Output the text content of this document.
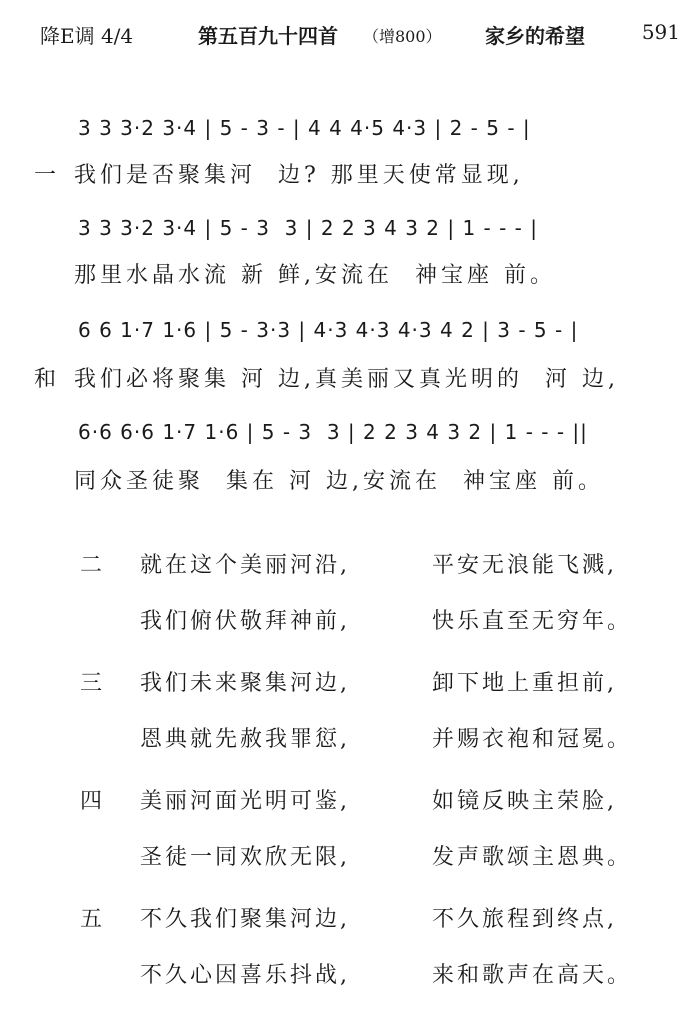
降E调 4/4	第五百九十四首 （增800） 家乡的希望	591
3 3 3·2 3·4 | 5 - 3 - | 4 4 4·5 4·3 | 2 - 5 - |
一 我们是否聚集河  边? 那里天使常显现,
3 3 3·2 3·4 | 5 - 3  3 | 2 2 3 4 3 2 | 1 - - - |
那里水晶水流 新 鲜,安流在  神宝座 前。
6 6 1·7 1·6 | 5 - 3·3 | 4·3 4·3 4·3 4 2 | 3 - 5 - |
和 我们必将聚集 河 边,真美丽又真光明的  河 边,
6·6 6·6 1·7 1·6 | 5 - 3  3 | 2 2 3 4 3 2 | 1 - - - ||
同众圣徒聚  集在 河 边,安流在  神宝座 前。
二 就在这个美丽河沿,	平安无浪能飞溅,
我们俯伏敬拜神前,	快乐直至无穷年。
三 我们未来聚集河边,	卸下地上重担前,
恩典就先赦我罪愆,	并赐衣袍和冠冕。
四 美丽河面光明可鉴,	如镜反映主荣脸,
圣徒一同欢欣无限,	发声歌颂主恩典。
五 不久我们聚集河边,	不久旅程到终点,
不久心因喜乐抖战,	来和歌声在高天。
